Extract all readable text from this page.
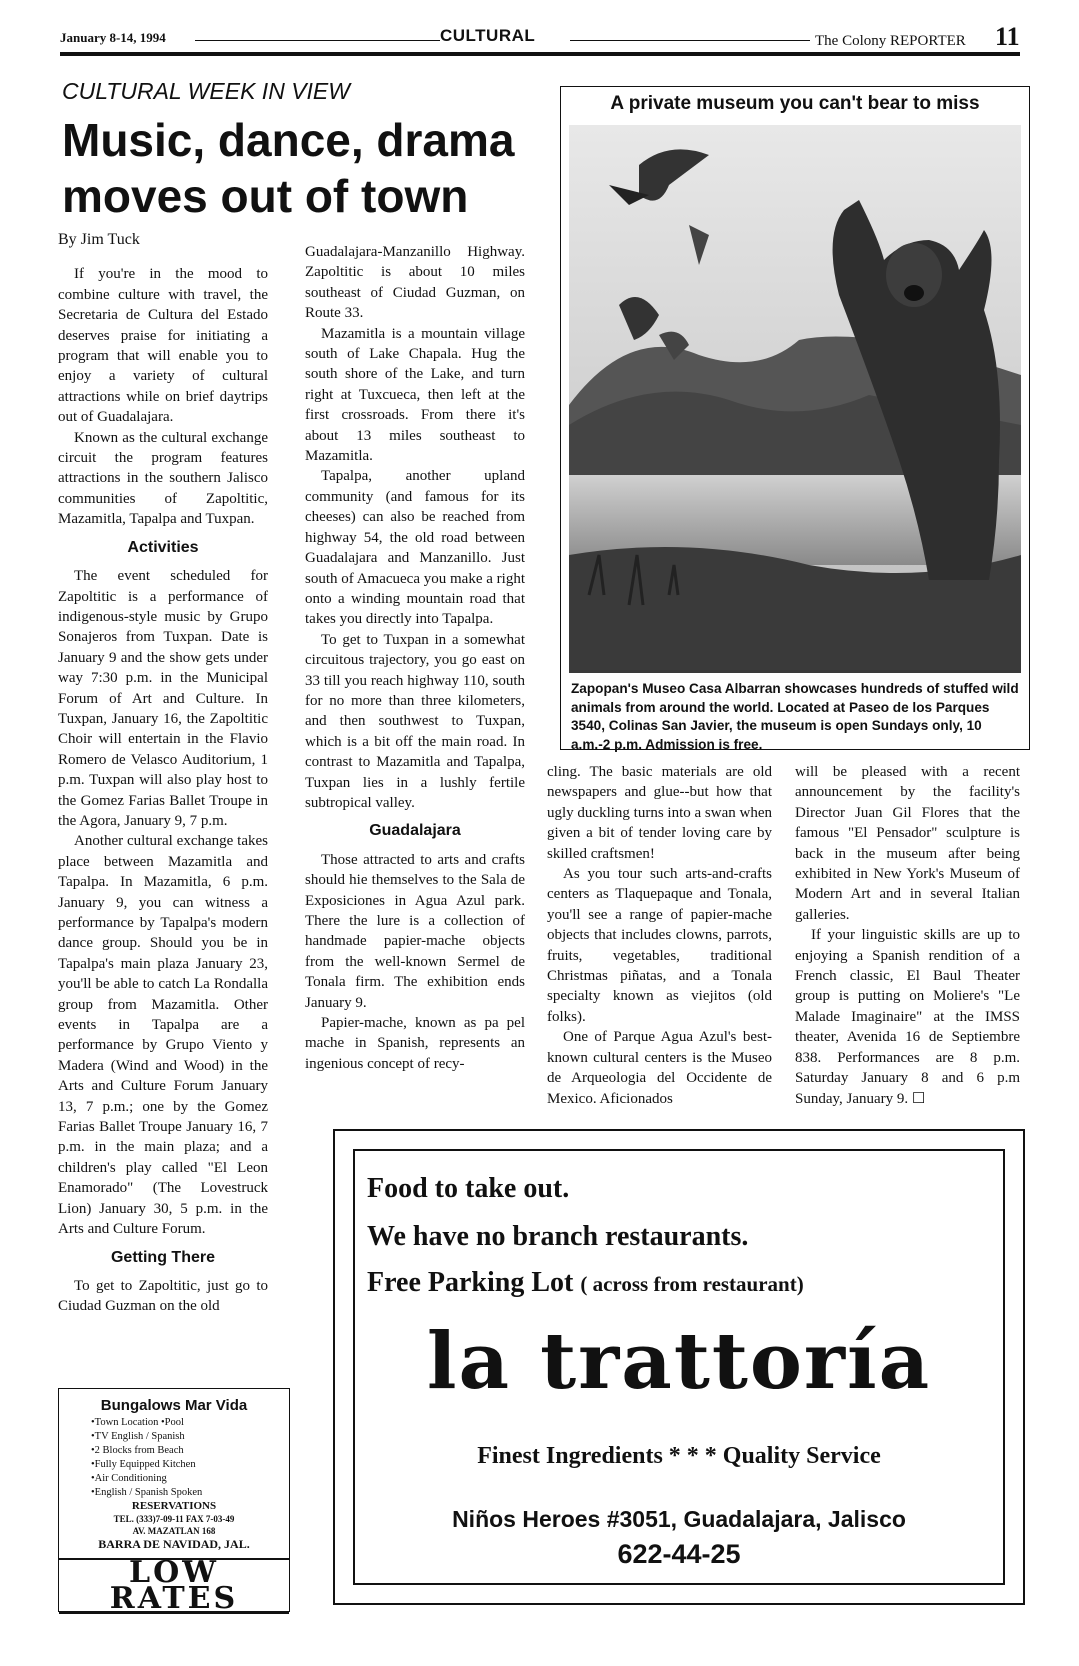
January 8-14, 1994	CULTURAL	The Colony REPORTER 11
CULTURAL WEEK IN VIEW
Music, dance, drama moves out of town

By Jim Tuck

If you're in the mood to combine culture with travel, the Secretaria de Cultura del Estado deserves praise for initiating a program that will enable you to enjoy a variety of cultural attractions while on brief daytrips out of Guadalajara.

Known as the cultural exchange circuit the program features attractions in the southern Jalisco communities of Zapoltitic, Mazamitla, Tapalpa and Tuxpan.

Activities

The event scheduled for Zapoltitic is a performance of indigenous-style music by Grupo Sonajeros from Tuxpan. Date is January 9 and the show gets under way 7:30 p.m. in the Municipal Forum of Art and Culture. In Tuxpan, January 16, the Zapoltitic Choir will entertain in the Flavio Romero de Velasco Auditorium, 1 p.m. Tuxpan will also play host to the Gomez Farias Ballet Troupe in the Agora, January 9, 7 p.m.

Another cultural exchange takes place between Mazamitla and Tapalpa. In Mazamitla, 6 p.m. January 9, you can witness a performance by Tapalpa's modern dance group. Should you be in Tapalpa's main plaza January 23, you'll be able to catch La Rondalla group from Mazamitla. Other events in Tapalpa are a performance by Grupo Viento y Madera (Wind and Wood) in the Arts and Culture Forum January 13, 7 p.m.; one by the Gomez Farias Ballet Troupe January 16, 7 p.m. in the main plaza; and a children's play called "El Leon Enamorado" (The Lovestruck Lion) January 30, 5 p.m. in the Arts and Culture Forum.

Getting There

To get to Zapoltitic, just go to Ciudad Guzman on the old

Guadalajara-Manzanillo Highway. Zapoltitic is about 10 miles southeast of Ciudad Guzman, on Route 33.

Mazamitla is a mountain village south of Lake Chapala. Hug the south shore of the Lake, and turn right at Tuxcueca, then left at the first crossroads. From there it's about 13 miles southeast to Mazamitla.

Tapalpa, another upland community (and famous for its cheeses) can also be reached from highway 54, the old road between Guadalajara and Manzanillo. Just south of Amacueca you make a right onto a winding mountain road that takes you directly into Tapalpa.

To get to Tuxpan in a somewhat circuitous trajectory, you go east on 33 till you reach highway 110, south for no more than three kilometers, and then southwest to Tuxpan, which is a bit off the main road. In contrast to Mazamitla and Tapalpa, Tuxpan lies in a lushly fertile subtropical valley.

Guadalajara

Those attracted to arts and crafts should hie themselves to the Sala de Exposiciones in Agua Azul park. There the lure is a collection of handmade papier-mache objects from the well-known Sermel de Tonala firm. The exhibition ends January 9.

Papier-mache, known as pa pel mache in Spanish, represents an ingenious concept of recy-

A private museum you can't bear to miss
Zapopan's Museo Casa Albarran showcases hundreds of stuffed wild animals from around the world. Located at Paseo de los Parques 3540, Colinas San Javier, the museum is open Sundays only, 10 a.m.-2 p.m. Admission is free.

cling. The basic materials are old newspapers and glue--but how that ugly duckling turns into a swan when given a bit of tender loving care by skilled craftsmen!

As you tour such arts-and-crafts centers as Tlaquepaque and Tonala, you'll see a range of papier-mache objects that includes clowns, parrots, fruits, vegetables, traditional Christmas piñatas, and a Tonala specialty known as viejitos (old folks).

One of Parque Agua Azul's best-known cultural centers is the Museo de Arqueologia del Occidente de Mexico. Aficionados

will be pleased with a recent announcement by the facility's Director Juan Gil Flores that the famous "El Pensador" sculpture is back in the museum after being exhibited in New York's Museum of Modern Art and in several Italian galleries.

If your linguistic skills are up to enjoying a Spanish rendition of a French classic, El Baul Theater group is putting on Moliere's "Le Malade Imaginaire" at the IMSS theater, Avenida 16 de Septiembre 838. Performances are 8 p.m. Saturday January 8 and 6 p.m Sunday, January 9. ☐

Food to take out.
We have no branch restaurants.
Free Parking Lot ( across from restaurant)
la trattoría
Finest Ingredients * * * Quality Service
Niños Heroes #3051, Guadalajara, Jalisco
622-44-25
Bungalows Mar Vida
•Town Location •Pool
•TV English / Spanish
•2 Blocks from Beach
•Fully Equipped Kitchen
•Air Conditioning
•English / Spanish Spoken
RESERVATIONS
TEL. (333)7-09-11 FAX 7-03-49
AV. MAZATLAN 168
BARRA DE NAVIDAD, JAL.
LOW RATES
